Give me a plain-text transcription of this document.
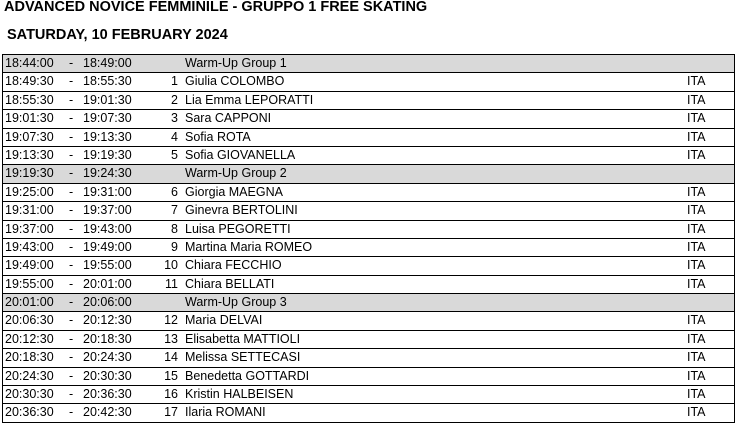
ADVANCED NOVICE FEMMINILE - GRUPPO 1 FREE SKATING
SATURDAY, 10 FEBRUARY 2024
18:44:00 - 18:49:00	Warm-Up Group 1
18:49:30 - 18:55:30	1 Giulia COLOMBO	ITA
18:55:30 - 19:01:30	2 Lia Emma LEPORATTI	ITA
19:01:30 - 19:07:30	3 Sara CAPPONI	ITA
19:07:30 - 19:13:30	4 Sofia ROTA	ITA
19:13:30 - 19:19:30	5 Sofia GIOVANELLA	ITA
19:19:30 - 19:24:30	Warm-Up Group 2
19:25:00 - 19:31:00	6 Giorgia MAEGNA	ITA
19:31:00 - 19:37:00	7 Ginevra BERTOLINI	ITA
19:37:00 - 19:43:00	8 Luisa PEGORETTI	ITA
19:43:00 - 19:49:00	9 Martina Maria ROMEO	ITA
19:49:00 - 19:55:00	10 Chiara FECCHIO	ITA
19:55:00 - 20:01:00	11 Chiara BELLATI	ITA
20:01:00 - 20:06:00	Warm-Up Group 3
20:06:30 - 20:12:30	12 Maria DELVAI	ITA
20:12:30 - 20:18:30	13 Elisabetta MATTIOLI	ITA
20:18:30 - 20:24:30	14 Melissa SETTECASI	ITA
20:24:30 - 20:30:30	15 Benedetta GOTTARDI	ITA
20:30:30 - 20:36:30	16 Kristin HALBEISEN	ITA
20:36:30 - 20:42:30	17 Ilaria ROMANI	ITA
